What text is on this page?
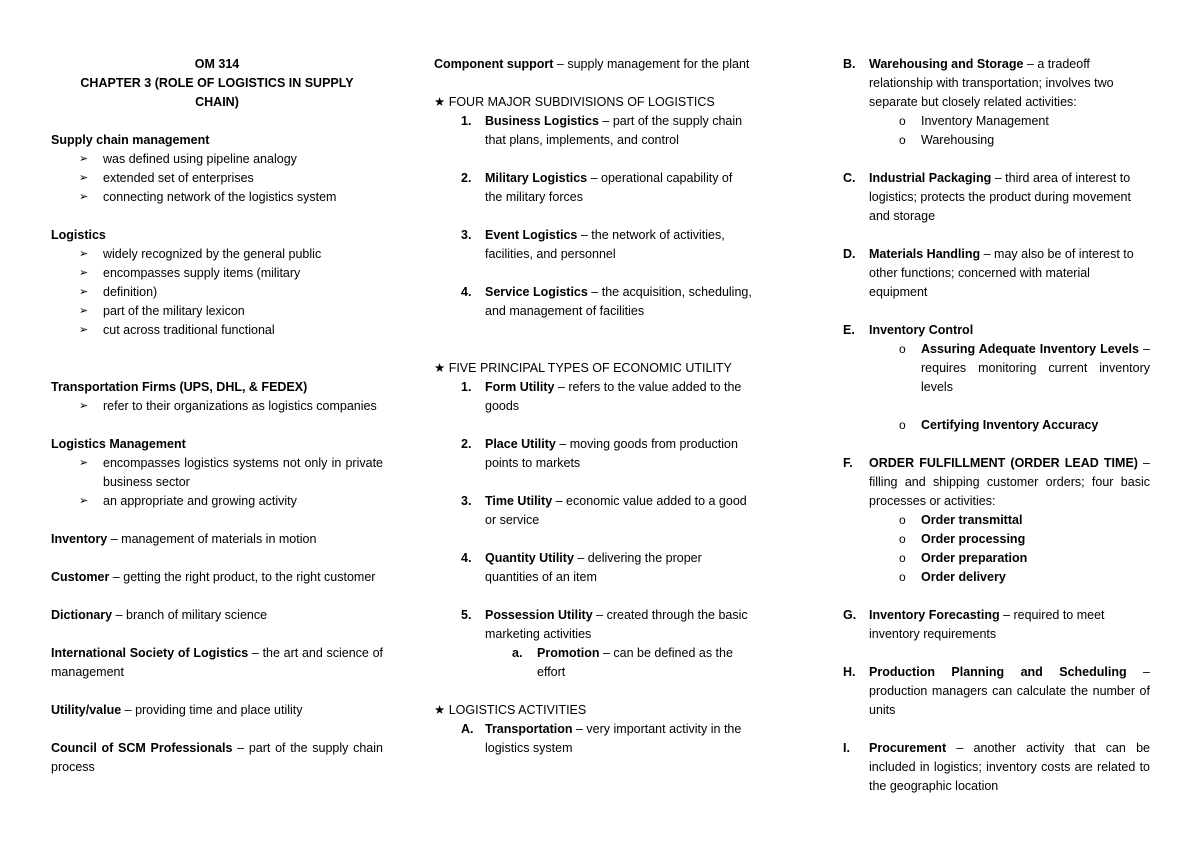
OM 314
CHAPTER 3 (ROLE OF LOGISTICS IN SUPPLY
CHAIN)
Supply chain management
➢	was defined using pipeline analogy
➢	extended set of enterprises
➢	connecting network of the logistics system
Logistics
➢	widely recognized by the general public
➢	encompasses supply items (military
➢	definition)
➢	part of the military lexicon
➢	cut across traditional functional
Transportation Firms (UPS, DHL, & FEDEX)
➢	refer to their organizations as logistics companies
Logistics Management
➢	encompasses logistics systems not only in private business sector
➢	an appropriate and growing activity
Inventory – management of materials in motion
Customer – getting the right product, to the right customer
Dictionary – branch of military science
International Society of Logistics – the art and science of management
Utility/value – providing time and place utility
Council of SCM Professionals – part of the supply chain process
Component support – supply management for the plant
★ FOUR MAJOR SUBDIVISIONS OF LOGISTICS
1. Business Logistics – part of the supply chain that plans, implements, and control
2. Military Logistics – operational capability of the military forces
3. Event Logistics – the network of activities, facilities, and personnel
4. Service Logistics – the acquisition, scheduling, and management of facilities
★ FIVE PRINCIPAL TYPES OF ECONOMIC UTILITY
1. Form Utility – refers to the value added to the goods
2. Place Utility – moving goods from production points to markets
3. Time Utility – economic value added to a good or service
4. Quantity Utility – delivering the proper quantities of an item
5. Possession Utility – created through the basic marketing activities
a. Promotion – can be defined as the effort
★ LOGISTICS ACTIVITIES
A. Transportation – very important activity in the logistics system
B. Warehousing and Storage – a tradeoff relationship with transportation; involves two separate but closely related activities:
o Inventory Management
o Warehousing
C. Industrial Packaging – third area of interest to logistics; protects the product during movement and storage
D. Materials Handling – may also be of interest to other functions; concerned with material equipment
E. Inventory Control
o Assuring Adequate Inventory Levels – requires monitoring current inventory levels
o Certifying Inventory Accuracy
F. ORDER FULFILLMENT (ORDER LEAD TIME) – filling and shipping customer orders; four basic processes or activities:
o Order transmittal
o Order processing
o Order preparation
o Order delivery
G. Inventory Forecasting – required to meet inventory requirements
H. Production Planning and Scheduling – production managers can calculate the number of units
I. Procurement – another activity that can be included in logistics; inventory costs are related to the geographic location
